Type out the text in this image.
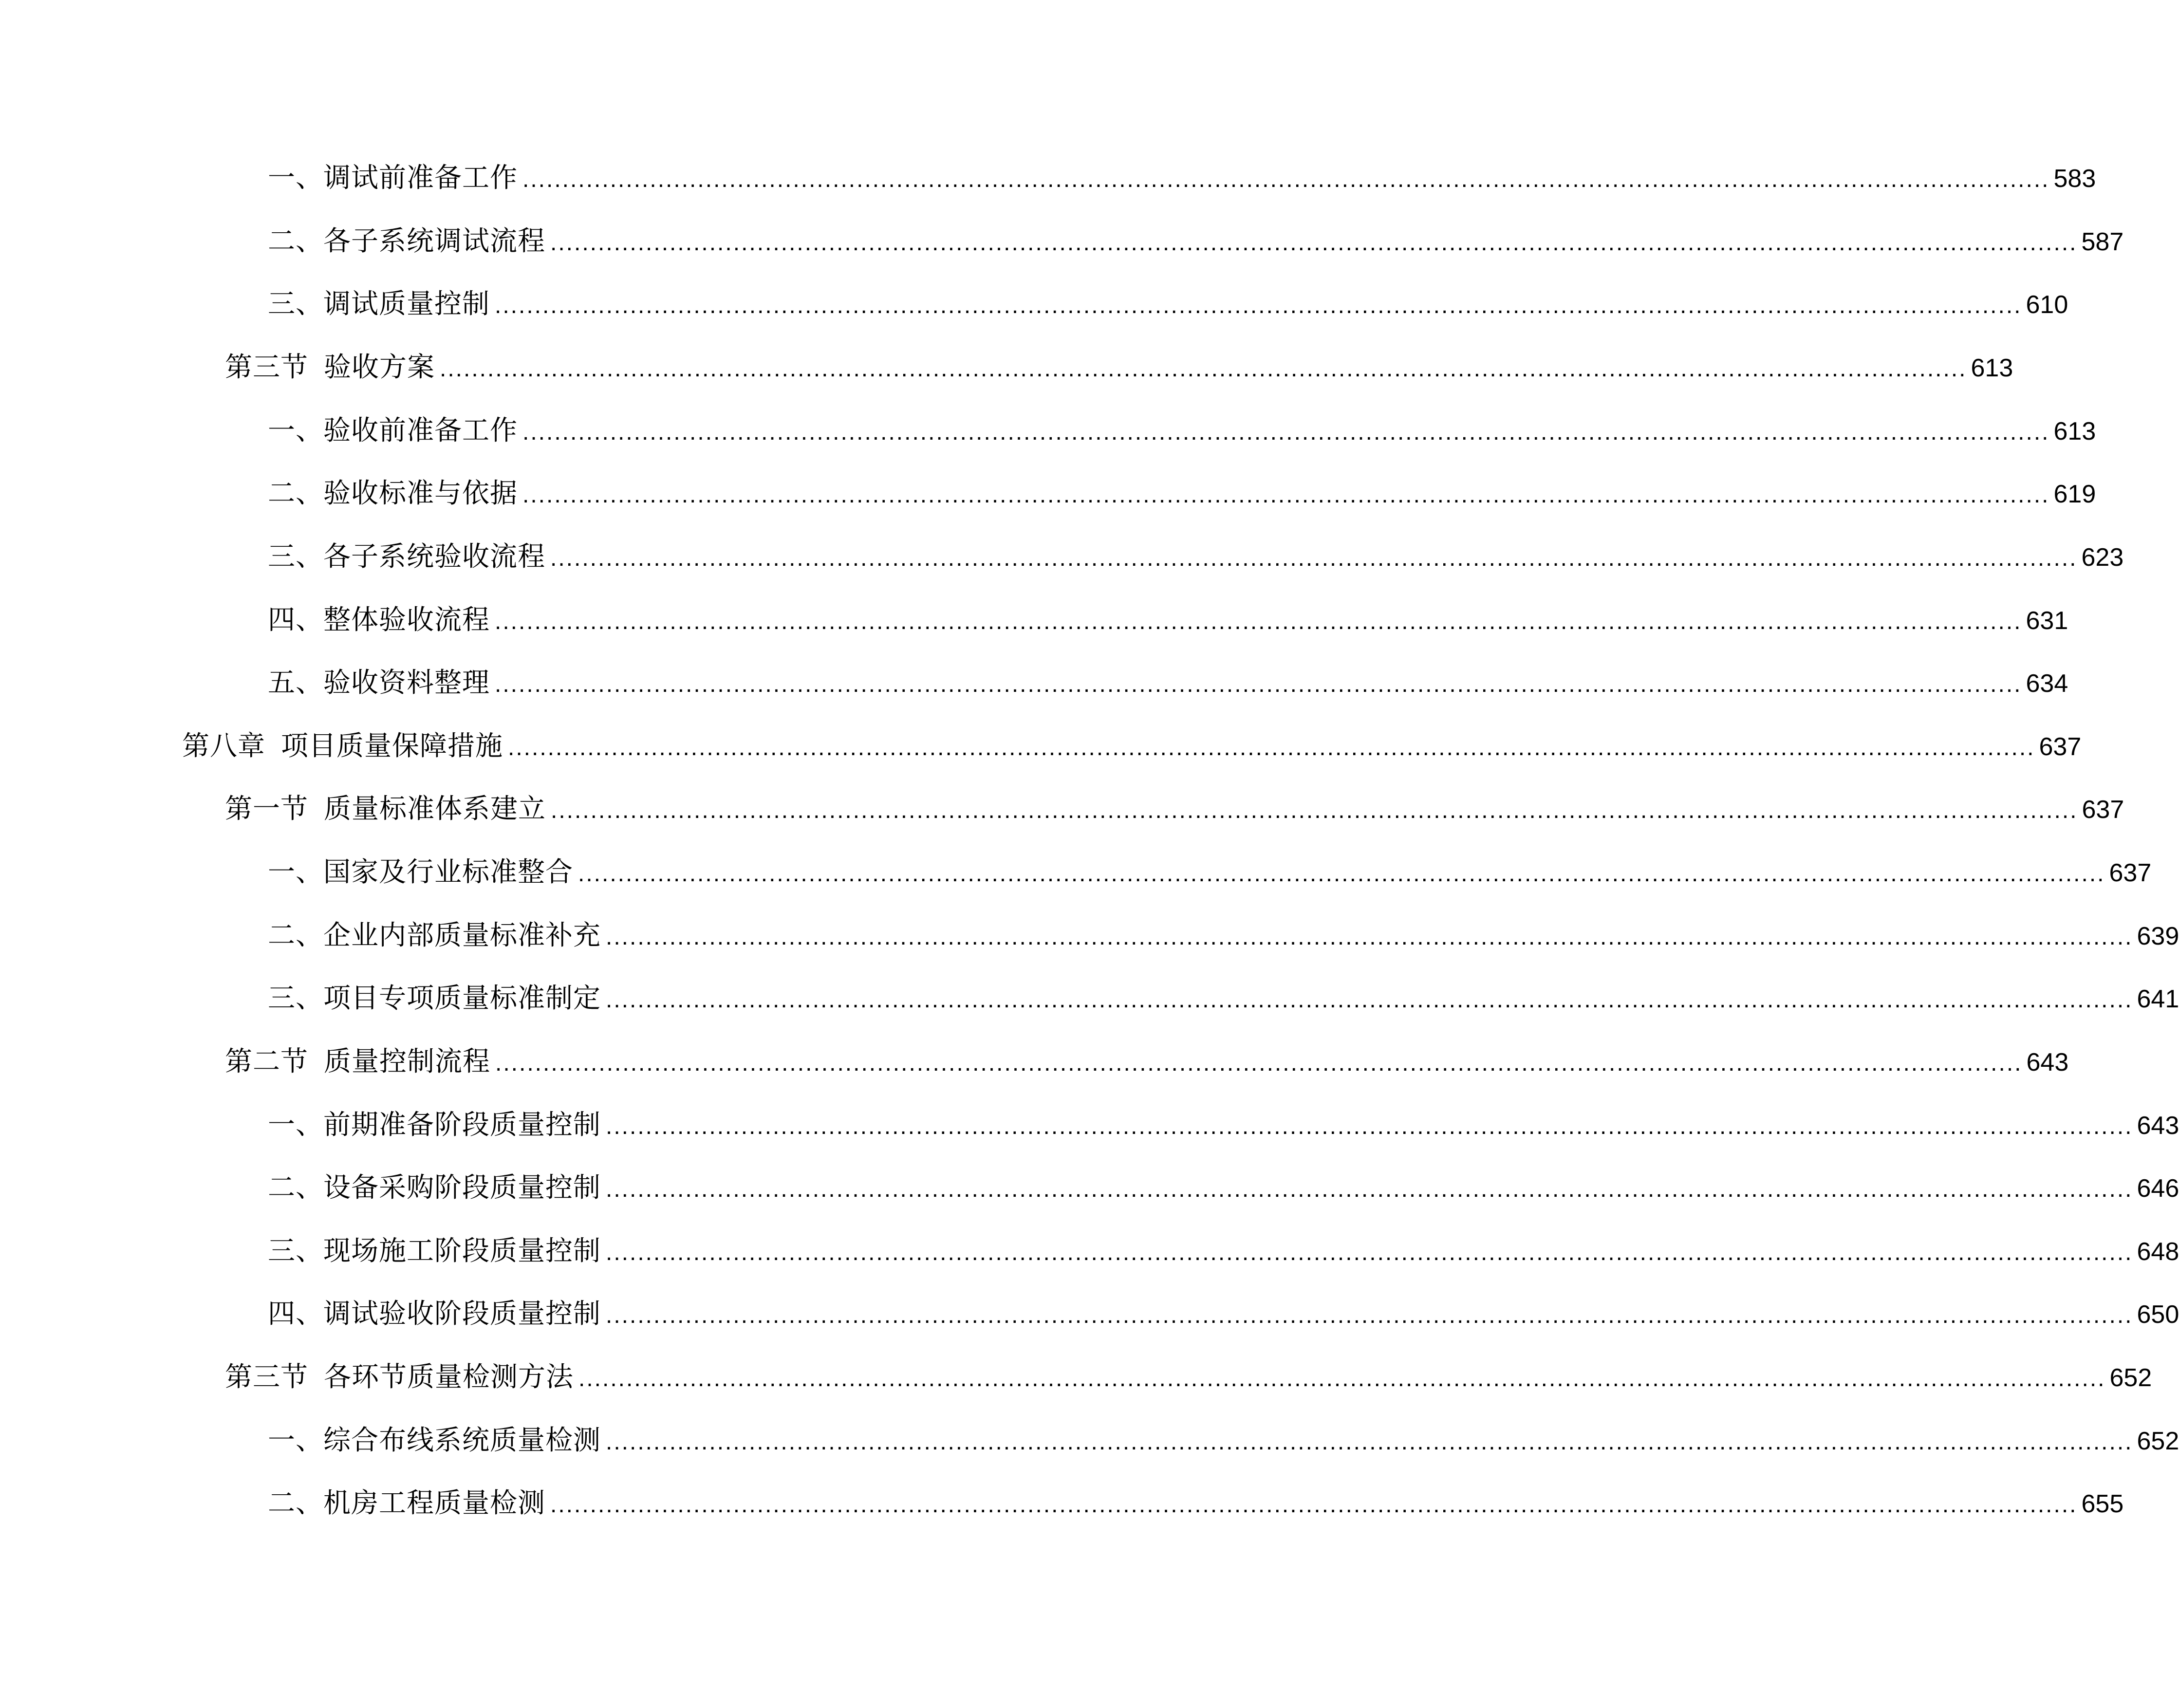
一、调试前准备工作 ................................................................................................................................................................................................ 583
二、各子系统调试流程 ................................................................................................................................................................................................ 587
三、调试质量控制 ................................................................................................................................................................................................ 610
第三节 验收方案 ................................................................................................................................................................................................ 613
一、验收前准备工作 ................................................................................................................................................................................................ 613
二、验收标准与依据 ................................................................................................................................................................................................ 619
三、各子系统验收流程 ................................................................................................................................................................................................ 623
四、整体验收流程 ................................................................................................................................................................................................ 631
五、验收资料整理 ................................................................................................................................................................................................ 634
第八章 项目质量保障措施 ................................................................................................................................................................................................ 637
第一节 质量标准体系建立 ................................................................................................................................................................................................ 637
一、国家及行业标准整合 ................................................................................................................................................................................................ 637
二、企业内部质量标准补充 ................................................................................................................................................................................................ 639
三、项目专项质量标准制定 ................................................................................................................................................................................................ 641
第二节 质量控制流程 ................................................................................................................................................................................................ 643
一、前期准备阶段质量控制 ................................................................................................................................................................................................ 643
二、设备采购阶段质量控制 ................................................................................................................................................................................................ 646
三、现场施工阶段质量控制 ................................................................................................................................................................................................ 648
四、调试验收阶段质量控制 ................................................................................................................................................................................................ 650
第三节 各环节质量检测方法 ................................................................................................................................................................................................ 652
一、综合布线系统质量检测 ................................................................................................................................................................................................ 652
二、机房工程质量检测 ................................................................................................................................................................................................ 655
